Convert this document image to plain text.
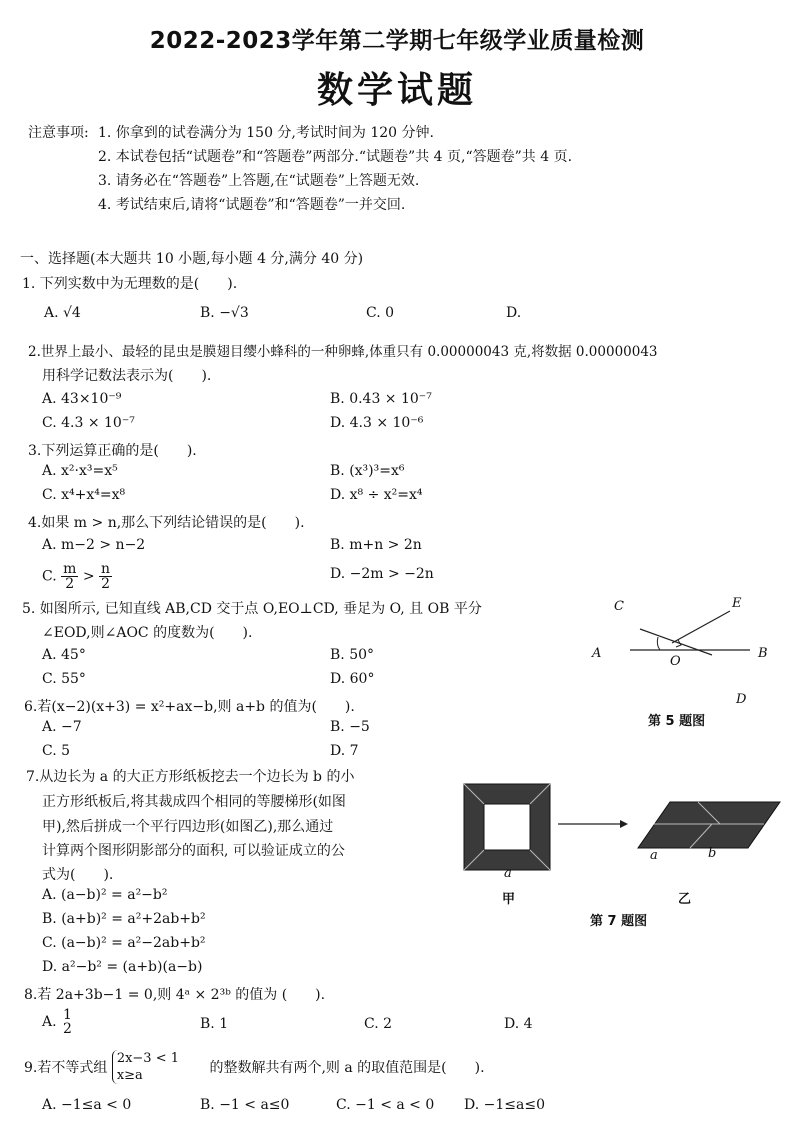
2022-2023学年第二学期七年级学业质量检测
数学试题
注意事项: 1. 你拿到的试卷满分为 150 分,考试时间为 120 分钟.
2. 本试卷包括“试题卷”和“答题卷”两部分.“试题卷”共 4 页,“答题卷”共 4 页.
3. 请务必在“答题卷”上答题,在“试题卷”上答题无效.
4. 考试结束后,请将“试题卷”和“答题卷”一并交回.
一、选择题(本大题共 10 小题,每小题 4 分,满分 40 分)
1. 下列实数中为无理数的是(　　).
A. √4	B. −√3	C. 0	D.
2.世界上最小、最轻的昆虫是膜翅目缨小蜂科的一种卵蜂,体重只有 0.00000043 克,将数据 0.00000043
用科学记数法表示为(　　).
A. 43×10⁻⁹	B. 0.43 × 10⁻⁷
C. 4.3 × 10⁻⁷	D. 4.3 × 10⁻⁶
3.下列运算正确的是(　　).
A. x²·x³=x⁵	B. (x³)³=x⁶
C. x⁴+x⁴=x⁸	D. x⁸ ÷ x²=x⁴
4.如果 m > n,那么下列结论错误的是(　　).
A. m−2 > n−2	B. m+n > 2n
C. $\frac{m}{2} > \frac{n}{2}$	D. −2m > −2n
5. 如图所示, 已知直线 AB,CD 交于点 O,EO⊥CD, 垂足为 O, 且 OB 平分
∠EOD,则∠AOC 的度数为(　　).
A. 45°	B. 50°
C. 55°	D. 60°
C	E
A
O
B
D
第 5 题图
6.若(x−2)(x+3) = x²+ax−b,则 a+b 的值为(　　).
A. −7	B. −5
C. 5	D. 7
7.从边长为 a 的大正方形纸板挖去一个边长为 b 的小
正方形纸板后,将其裁成四个相同的等腰梯形(如图
甲),然后拼成一个平行四边形(如图乙),那么通过
计算两个图形阴影部分的面积, 可以验证成立的公
式为(　　).
A. (a−b)² = a²−b²
B. (a+b)² = a²+2ab+b²
C. (a−b)² = a²−2ab+b²
D. a²−b² = (a+b)(a−b)
a
甲
a	b
乙
第 7 题图
8.若 2a+3b−1 = 0,则 4ᵃ × 2³ᵇ 的值为 (　　).
A. 1
2	B. 1	C. 2	D. 4
9.若不等式组
2x−3 < 1
x≥a	的整数解共有两个,则 a 的取值范围是(　　).
A. −1≤a < 0	B. −1 < a≤0	C. −1 < a < 0 D. −1≤a≤0
